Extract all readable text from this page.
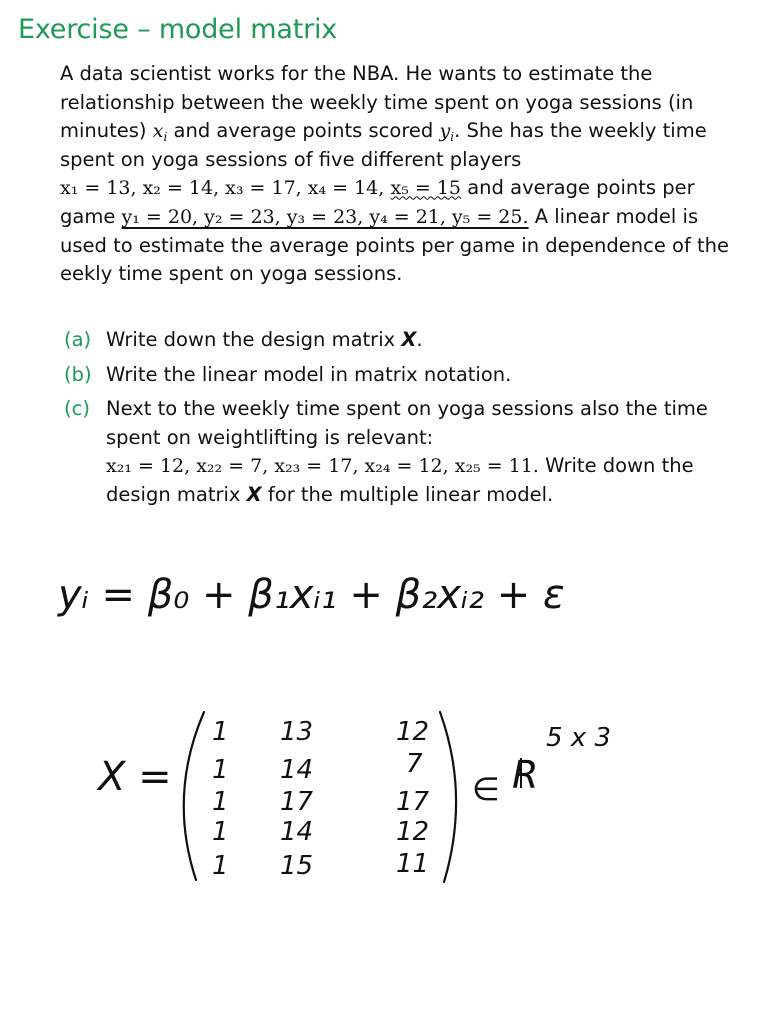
Exercise – model matrix

A data scientist works for the NBA. He wants to estimate the

relationship between the weekly time spent on yoga sessions (in

minutes) $x_i$ and average points scored $y_i$. She has the weekly time

spent on yoga sessions of five different players

x₁ = 13, x₂ = 14, x₃ = 17, x₄ = 14, x₅ = 15 and average points per

game y₁ = 20, y₂ = 23, y₃ = 23, y₄ = 21, y₅ = 25. A linear model is

used to estimate the average points per game in dependence of the

eekly time spent on yoga sessions.

(a) Write down the design matrix X.
(b) Write the linear model in matrix notation.
(c) Next to the weekly time spent on yoga sessions also the time
spent on weightlifting is relevant:
x₂₁ = 12, x₂₂ = 7, x₂₃ = 17, x₂₄ = 12, x₂₅ = 11. Write down the
design matrix X for the multiple linear model.
yᵢ = β₀ + β₁xᵢ₁ + β₂xᵢ₂ + ε
X =
1 13	12
1 14	7
1 17	17
1 14	12
1 15	11
∈ R
5 x 3
